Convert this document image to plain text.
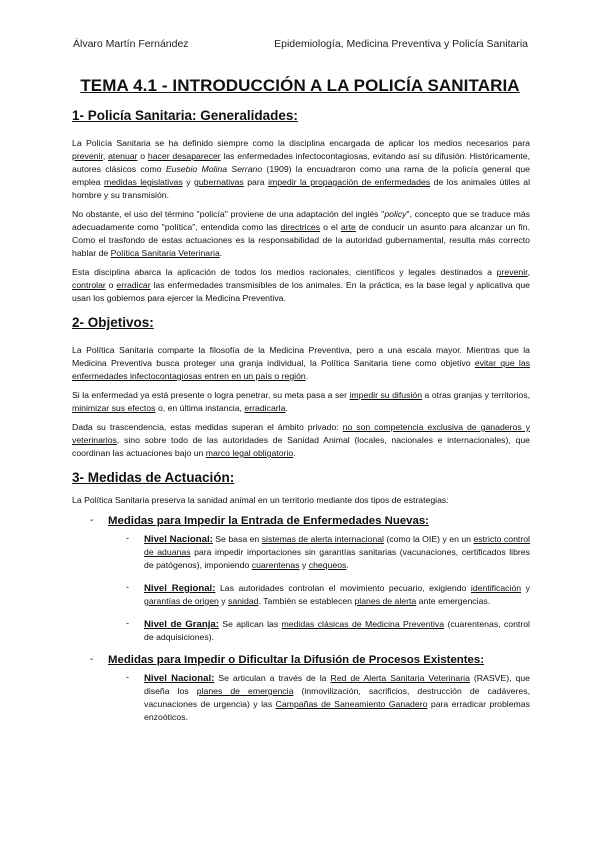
Álvaro Martín Fernández	Epidemiología, Medicina Preventiva y Policía Sanitaria
TEMA 4.1 - INTRODUCCIÓN A LA POLICÍA SANITARIA
1- Policía Sanitaria: Generalidades:

La Policía Sanitaria se ha definido siempre como la disciplina encargada de aplicar los medios necesarios para prevenir, atenuar o hacer desaparecer las enfermedades infectocontagiosas, evitando así su difusión. Históricamente, autores clásicos como Eusebio Molina Serrano (1909) la encuadraron como una rama de la policía general que emplea medidas legislativas y gubernativas para impedir la propagación de enfermedades de los animales útiles al hombre y su transmisión.

No obstante, el uso del término "policía" proviene de una adaptación del inglés "policy", concepto que se traduce más adecuadamente como "política", entendida como las directrices o el arte de conducir un asunto para alcanzar un fin. Como el trasfondo de estas actuaciones es la responsabilidad de la autoridad gubernamental, resulta más correcto hablar de Política Sanitaria Veterinaria.

Esta disciplina abarca la aplicación de todos los medios racionales, científicos y legales destinados a prevenir, controlar o erradicar las enfermedades transmisibles de los animales. En la práctica, es la base legal y aplicativa que usan los gobiernos para ejercer la Medicina Preventiva.

2- Objetivos:

La Política Sanitaria comparte la filosofía de la Medicina Preventiva, pero a una escala mayor. Mientras que la Medicina Preventiva busca proteger una granja individual, la Política Sanitaria tiene como objetivo evitar que las enfermedades infectocontagiosas entren en un país o región.

Si la enfermedad ya está presente o logra penetrar, su meta pasa a ser impedir su difusión a otras granjas y territorios, minimizar sus efectos o, en última instancia, erradicarla.

Dada su trascendencia, estas medidas superan el ámbito privado: no son competencia exclusiva de ganaderos y veterinarios, sino sobre todo de las autoridades de Sanidad Animal (locales, nacionales e internacionales), que coordinan las actuaciones bajo un marco legal obligatorio.

3- Medidas de Actuación:

La Política Sanitaria preserva la sanidad animal en un territorio mediante dos tipos de estrategias:

- Medidas para Impedir la Entrada de Enfermedades Nuevas:
- Nivel Nacional: Se basa en sistemas de alerta internacional (como la OIE) y en un estricto control de aduanas para impedir importaciones sin garantías sanitarias (vacunaciones, certificados libres de patógenos), imponiendo cuarentenas y chequeos.
- Nivel Regional: Las autoridades controlan el movimiento pecuario, exigiendo identificación y garantías de origen y sanidad. También se establecen planes de alerta ante emergencias.
- Nivel de Granja: Se aplican las medidas clásicas de Medicina Preventiva (cuarentenas, control de adquisiciones).
- Medidas para Impedir o Dificultar la Difusión de Procesos Existentes:
- Nivel Nacional: Se articulan a través de la Red de Alerta Sanitaria Veterinaria (RASVE), que diseña los planes de emergencia (inmovilización, sacrificios, destrucción de cadáveres, vacunaciones de urgencia) y las Campañas de Saneamiento Ganadero para erradicar problemas enzoóticos.
